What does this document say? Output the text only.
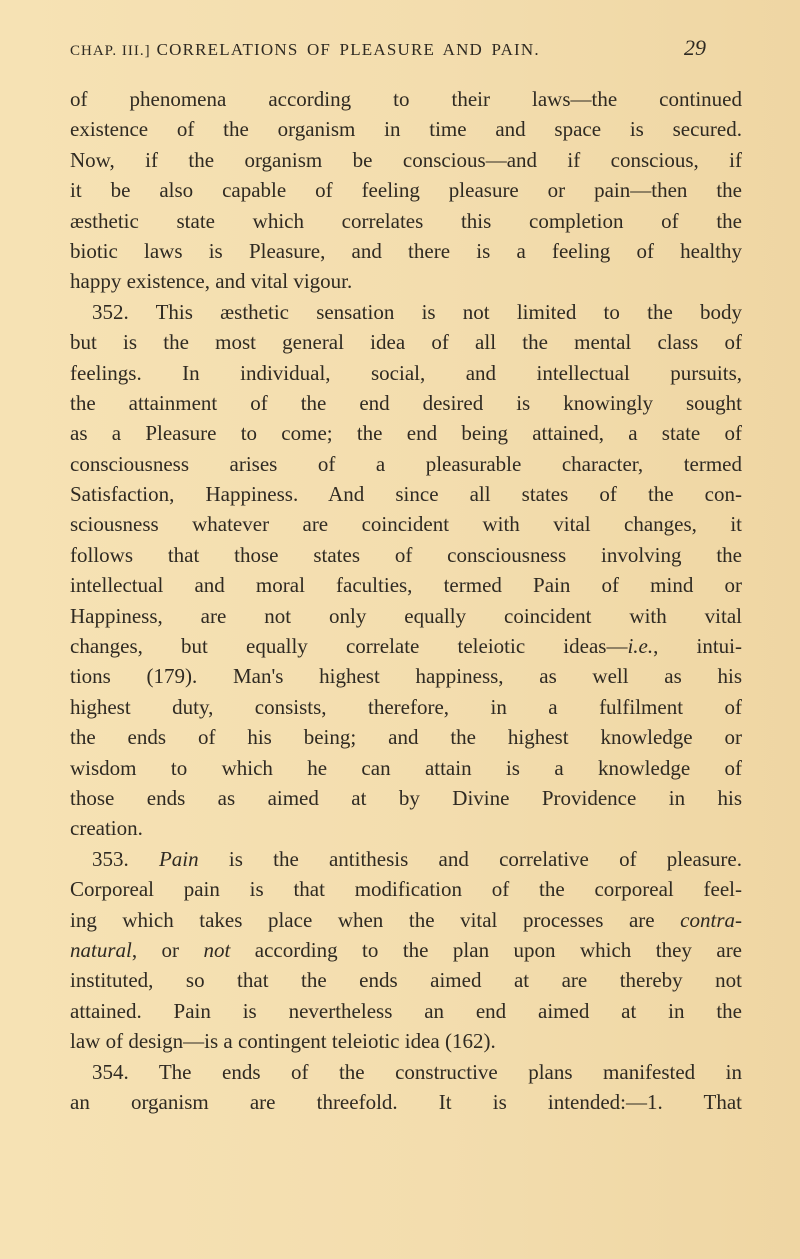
CHAP. III.] CORRELATIONS OF PLEASURE AND PAIN.	29
of phenomena according to their laws—the continued
existence of the organism in time and space is secured.
Now, if the organism be conscious—and if conscious, if
it be also capable of feeling pleasure or pain—then the
æsthetic state which correlates this completion of the
biotic laws is Pleasure, and there is a feeling of healthy
happy existence, and vital vigour.
352. This æsthetic sensation is not limited to the body
but is the most general idea of all the mental class of
feelings. In individual, social, and intellectual pursuits,
the attainment of the end desired is knowingly sought
as a Pleasure to come; the end being attained, a state of
consciousness arises of a pleasurable character, termed
Satisfaction, Happiness. And since all states of the con-
sciousness whatever are coincident with vital changes, it
follows that those states of consciousness involving the
intellectual and moral faculties, termed Pain of mind or
Happiness, are not only equally coincident with vital
changes, but equally correlate teleiotic ideas—i.e., intui-
tions (179). Man's highest happiness, as well as his
highest duty, consists, therefore, in a fulfilment of
the ends of his being; and the highest knowledge or
wisdom to which he can attain is a knowledge of
those ends as aimed at by Divine Providence in his
creation.
353. Pain is the antithesis and correlative of pleasure.
Corporeal pain is that modification of the corporeal feel-
ing which takes place when the vital processes are contra-
natural, or not according to the plan upon which they are
instituted, so that the ends aimed at are thereby not
attained. Pain is nevertheless an end aimed at in the
law of design—is a contingent teleiotic idea (162).
354. The ends of the constructive plans manifested in
an organism are threefold. It is intended:—1. That
